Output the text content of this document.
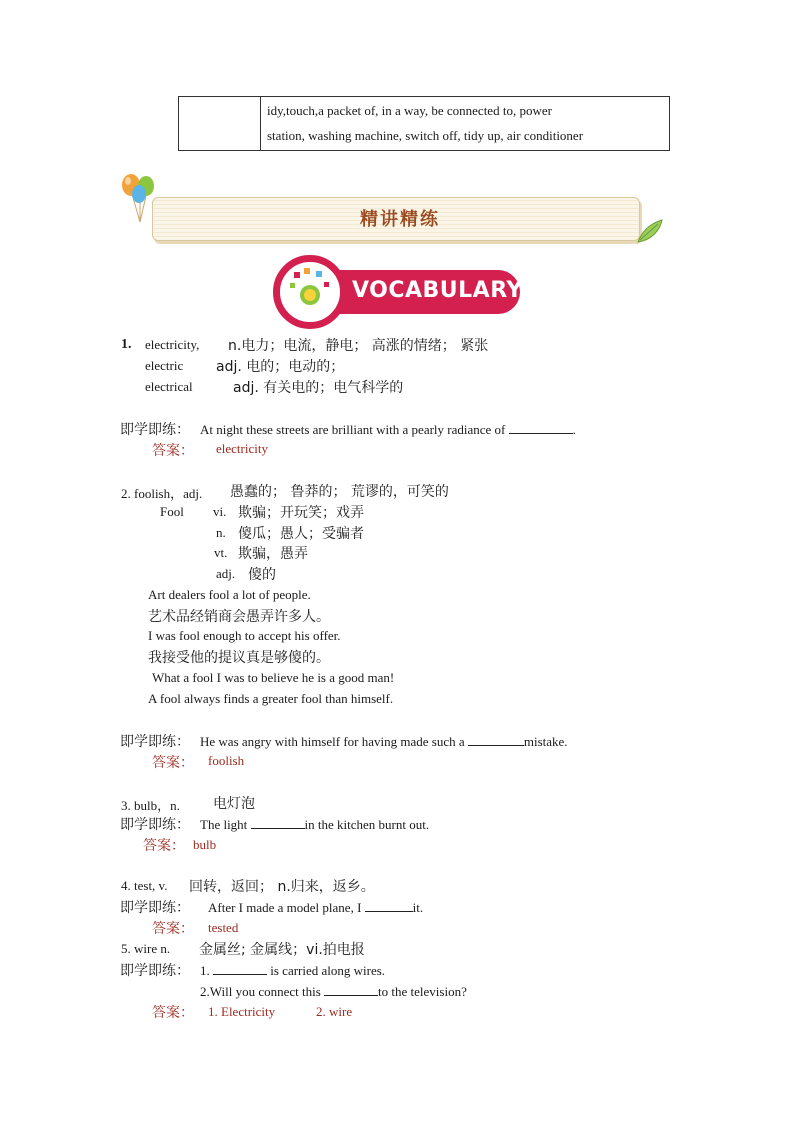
idy,touch,a packet of, in a way, be connected to, power
station, washing machine, switch off, tidy up, air conditioner
精讲精练
VOCABULARY
1. electricity, n.电力；电流，静电； 高涨的情绪； 紧张
electric adj. 电的；电动的；
electrical	adj. 有关电的；电气科学的
即学即练： At night these streets are brilliant with a pearly radiance of	.
答案： electricity
2. foolish，adj. 愚蠢的； 鲁莽的； 荒谬的，可笑的
Fool vi. 欺骗；开玩笑；戏弄
n. 傻瓜；愚人；受骗者
vt. 欺骗，愚弄
adj. 傻的
Art dealers fool a lot of people.
艺术品经销商会愚弄许多人。
I was fool enough to accept his offer.
我接受他的提议真是够傻的。
What a fool I was to believe he is a good man!
A fool always finds a greater fool than himself.
即学即练： He was angry with himself for having made such a	mistake.
答案： foolish
3. bulb，n. 电灯泡
即学即练： The light	in the kitchen burnt out.
答案： bulb
4. test, v. 回转，返回； n.归来，返乡。
即学即练： After I made a model plane, I	it.
答案： tested
5. wire n. 金属丝; 金属线；vi.拍电报
即学即练： 1.	is carried along wires.
2.Will you connect this	to the television?
答案： 1. Electricity	2. wire
